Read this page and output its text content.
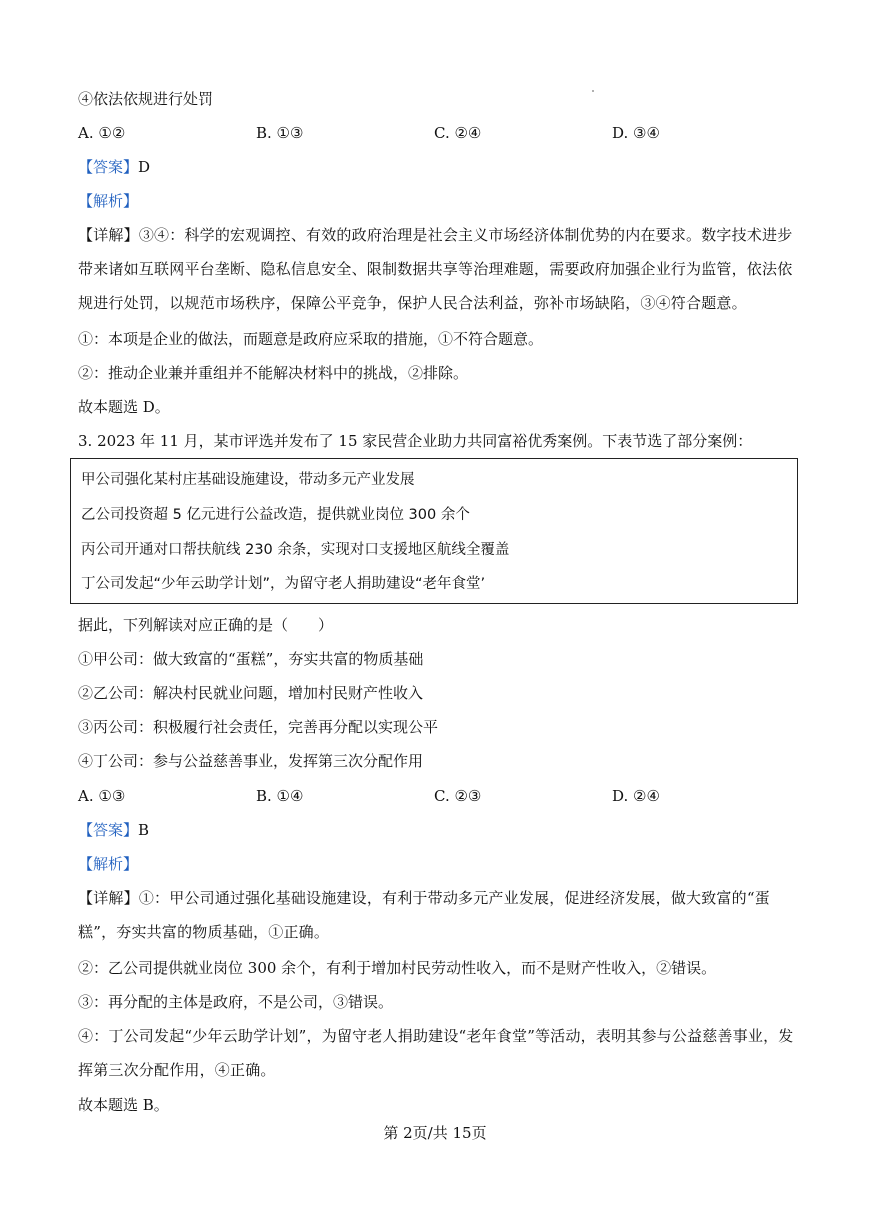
④依法依规进行处罚
A. ①②	B. ①③	C. ②④	D. ③④
【答案】D
【解析】
【详解】③④：科学的宏观调控、有效的政府治理是社会主义市场经济体制优势的内在要求。数字技术进步带来诸如互联网平台垄断、隐私信息安全、限制数据共享等治理难题，需要政府加强企业行为监管，依法依规进行处罚，以规范市场秩序，保障公平竞争，保护人民合法利益，弥补市场缺陷，③④符合题意。
①：本项是企业的做法，而题意是政府应采取的措施，①不符合题意。
②：推动企业兼并重组并不能解决材料中的挑战，②排除。
故本题选 D。
3. 2023 年 11 月，某市评选并发布了 15 家民营企业助力共同富裕优秀案例。下表节选了部分案例：
甲公司强化某村庄基础设施建设，带动多元产业发展
乙公司投资超 5 亿元进行公益改造，提供就业岗位 300 余个
丙公司开通对口帮扶航线 230 余条，实现对口支援地区航线全覆盖
丁公司发起“少年云助学计划”，为留守老人捐助建设“老年食堂’
据此，下列解读对应正确的是（　　）
①甲公司：做大致富的“蛋糕”，夯实共富的物质基础
②乙公司：解决村民就业问题，增加村民财产性收入
③丙公司：积极履行社会责任，完善再分配以实现公平
④丁公司：参与公益慈善事业，发挥第三次分配作用
A. ①③	B. ①④	C. ②③	D. ②④
【答案】B
【解析】
【详解】①：甲公司通过强化基础设施建设，有利于带动多元产业发展，促进经济发展，做大致富的“蛋糕”，夯实共富的物质基础，①正确。
②：乙公司提供就业岗位 300 余个，有利于增加村民劳动性收入，而不是财产性收入，②错误。
③：再分配的主体是政府，不是公司，③错误。
④：丁公司发起“少年云助学计划”，为留守老人捐助建设“老年食堂”等活动，表明其参与公益慈善事业，发挥第三次分配作用，④正确。
故本题选 B。
第 2页/共 15页
